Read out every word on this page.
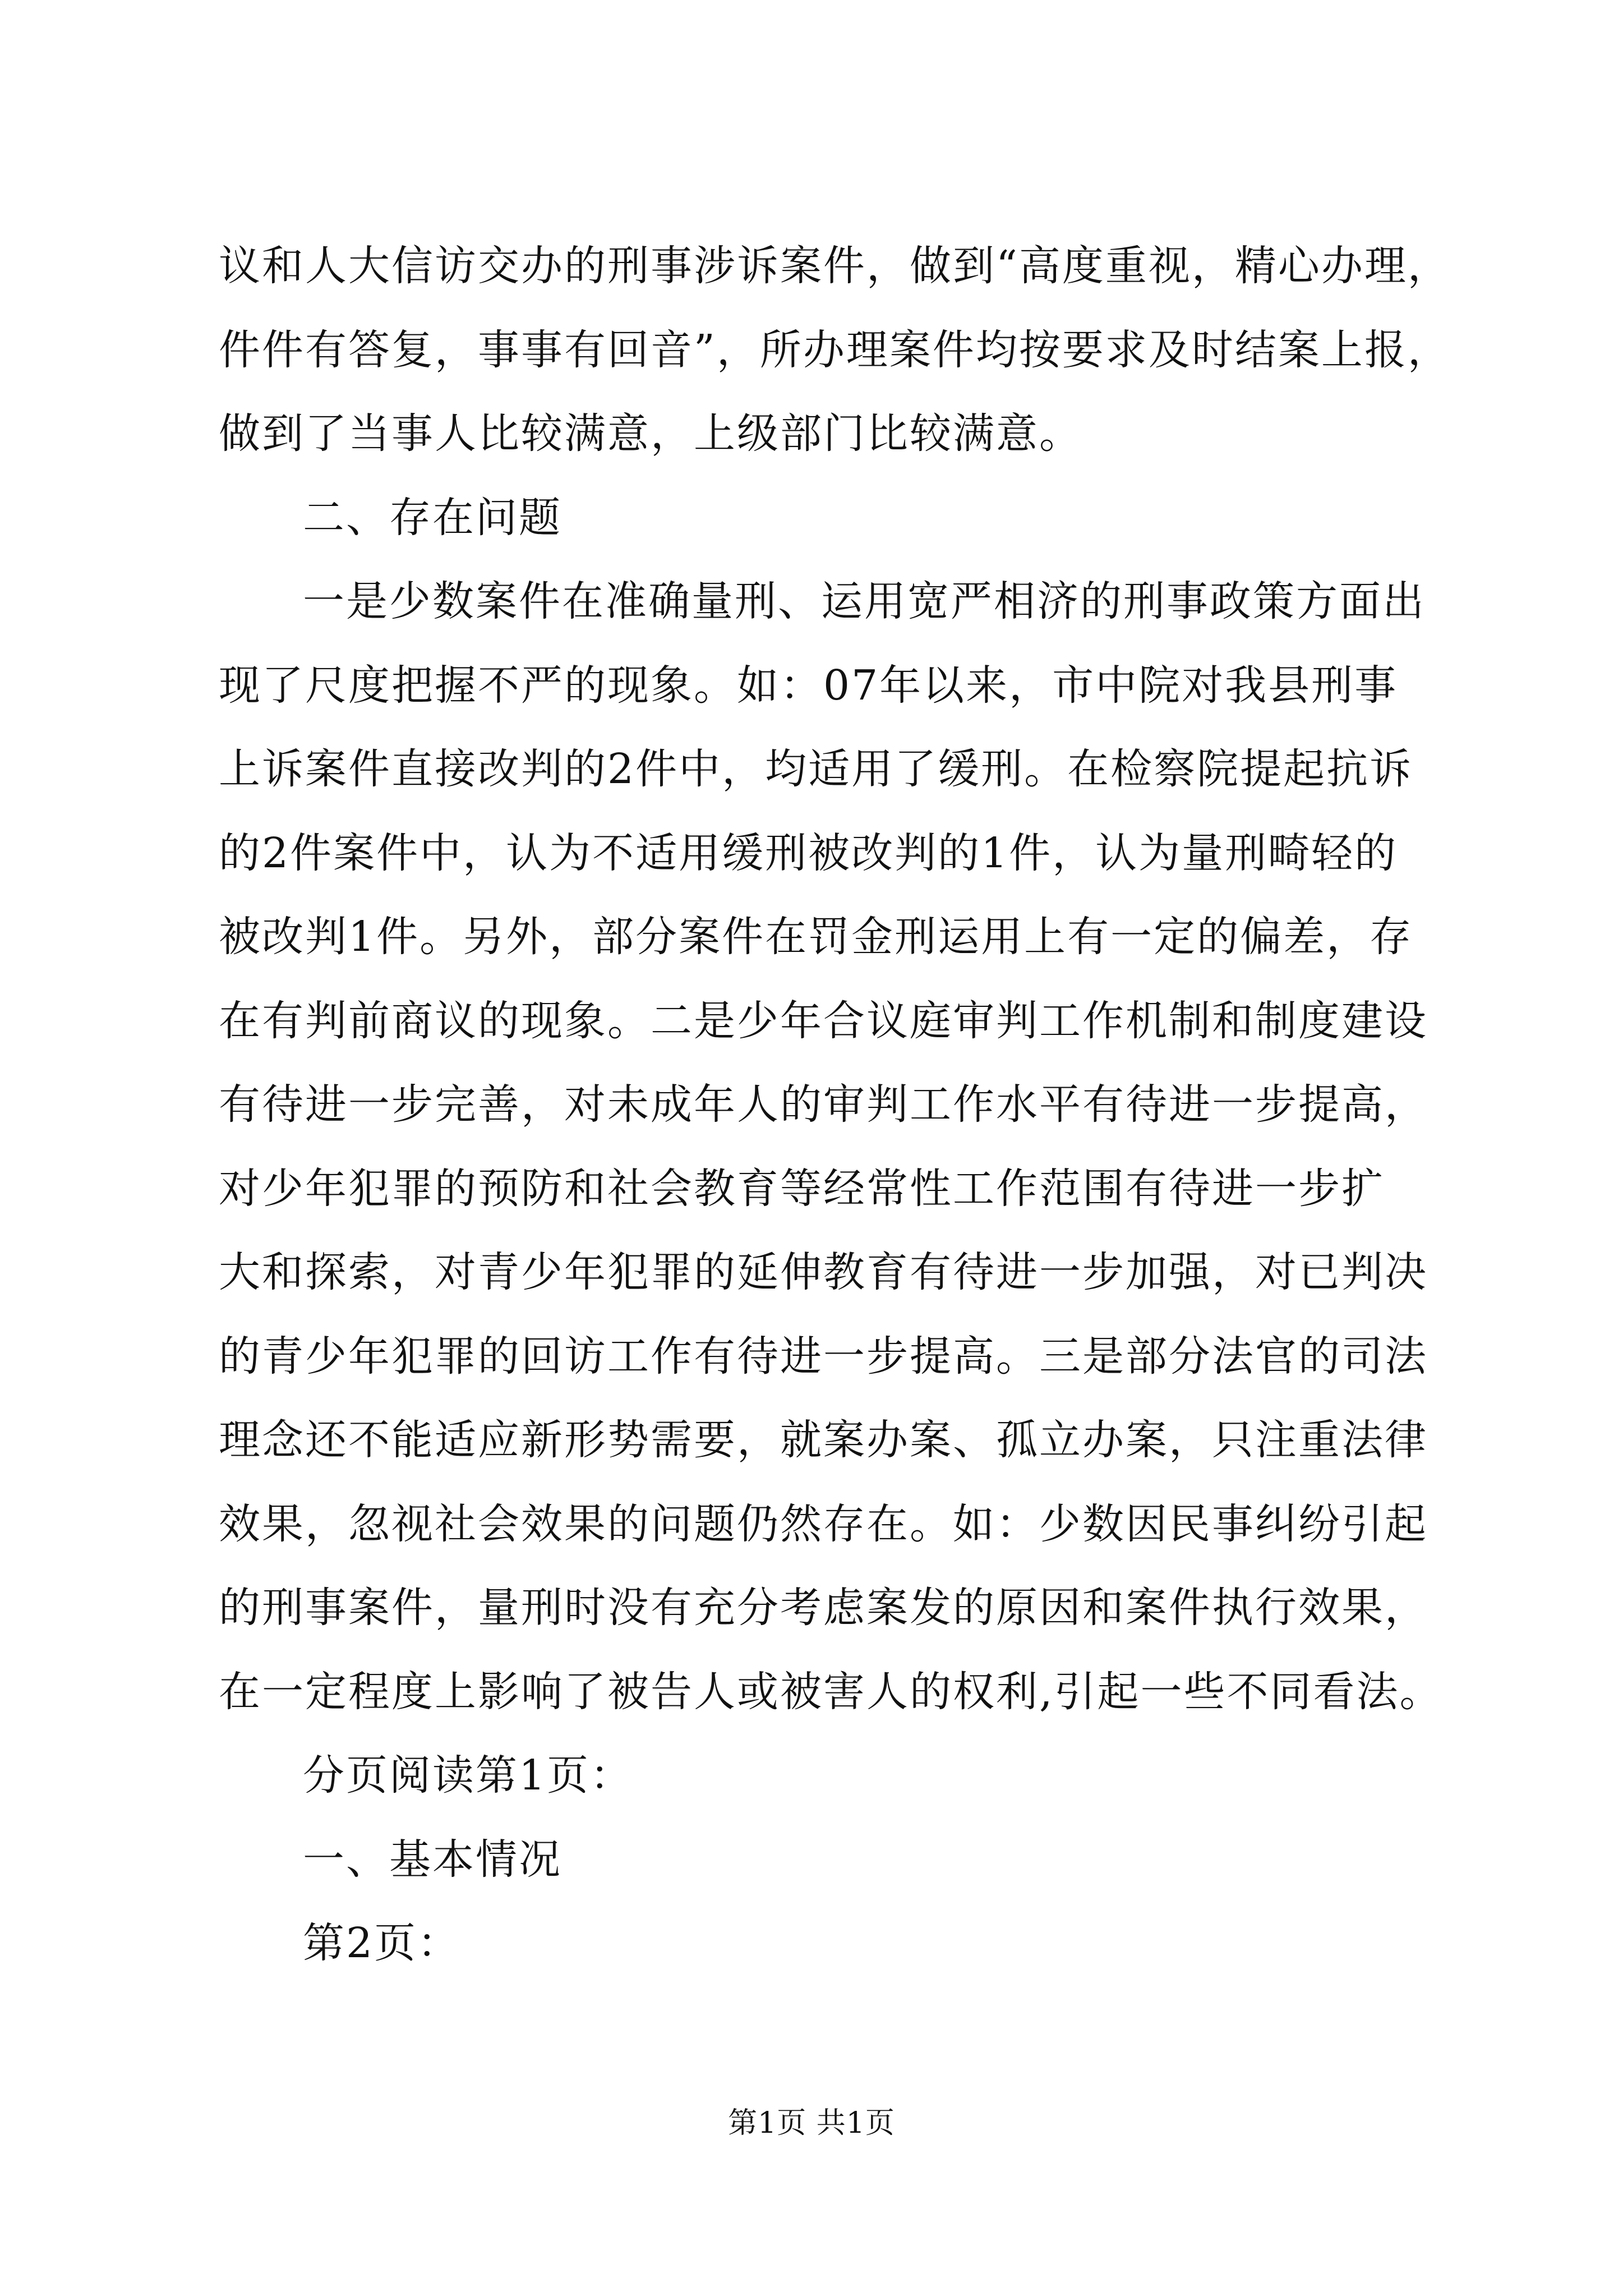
议和人大信访交办的刑事涉诉案件，做到“高度重视，精心办理，
件件有答复，事事有回音”，所办理案件均按要求及时结案上报，
做到了当事人比较满意，上级部门比较满意。
二、存在问题
一是少数案件在准确量刑、运用宽严相济的刑事政策方面出
现了尺度把握不严的现象。如：07年以来，市中院对我县刑事
上诉案件直接改判的2件中，均适用了缓刑。在检察院提起抗诉
的2件案件中，认为不适用缓刑被改判的1件，认为量刑畸轻的
被改判1件。另外，部分案件在罚金刑运用上有一定的偏差，存
在有判前商议的现象。二是少年合议庭审判工作机制和制度建设
有待进一步完善，对未成年人的审判工作水平有待进一步提高，
对少年犯罪的预防和社会教育等经常性工作范围有待进一步扩
大和探索，对青少年犯罪的延伸教育有待进一步加强，对已判决
的青少年犯罪的回访工作有待进一步提高。三是部分法官的司法
理念还不能适应新形势需要，就案办案、孤立办案，只注重法律
效果，忽视社会效果的问题仍然存在。如：少数因民事纠纷引起
的刑事案件，量刑时没有充分考虑案发的原因和案件执行效果，
在一定程度上影响了被告人或被害人的权利,引起一些不同看法。
分页阅读第1页：
一、基本情况
第2页：
第1页 共1页
